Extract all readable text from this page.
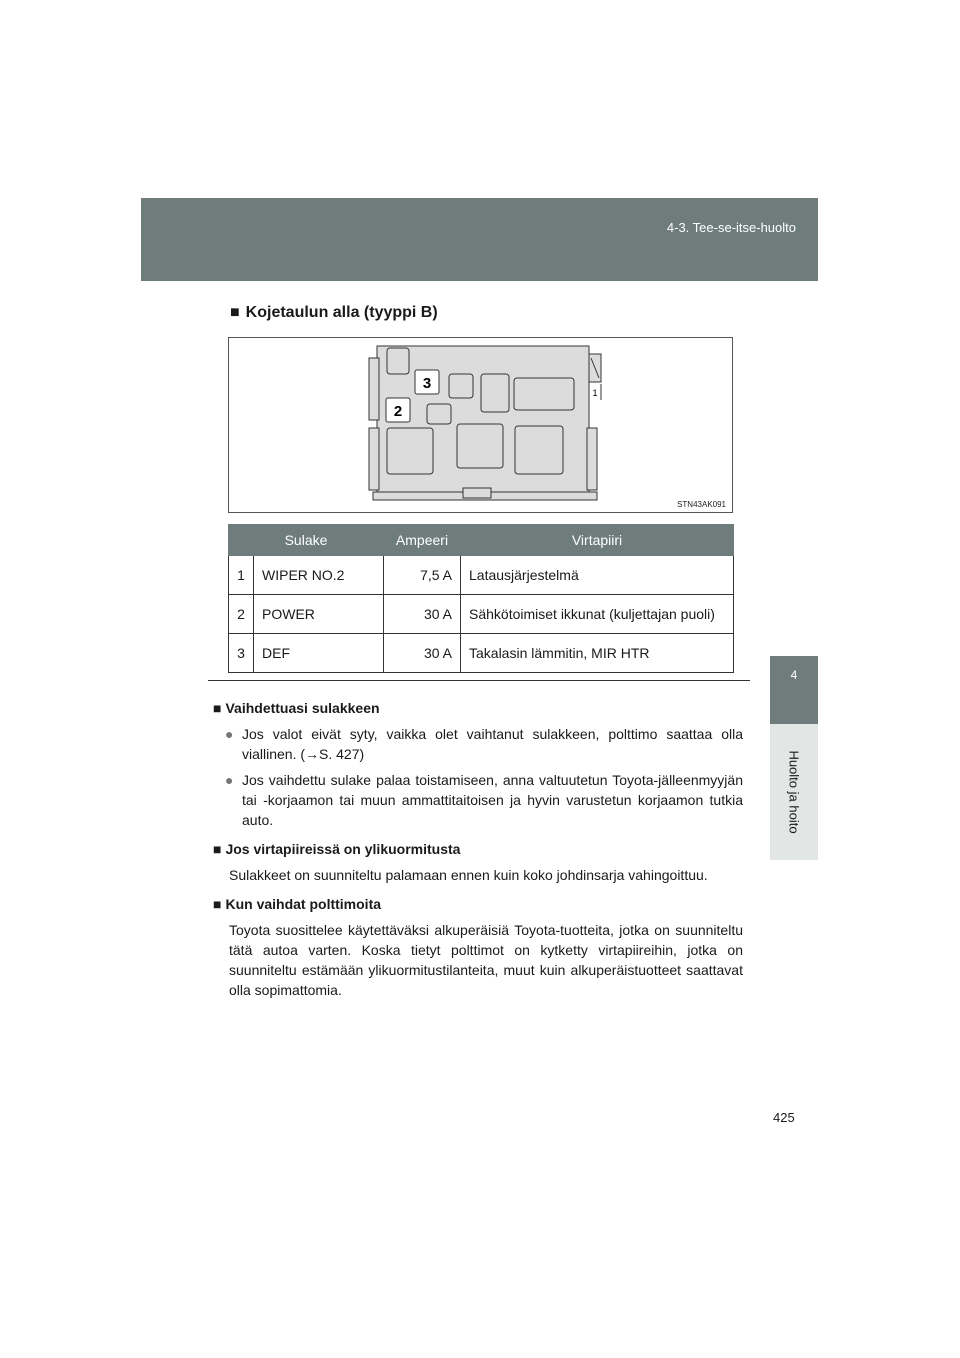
4-3. Tee-se-itse-huolto
4
Huolto ja hoito
■ Kojetaulun alla (tyyppi B)
3
2
1
STN43AK091
Sulake		Ampeeri	Virtapiiri
1	WIPER NO.2	7,5 A	Latausjärjestelmä
2	POWER	30 A	Sähkötoimiset ikkunat (kuljettajan puoli)
3	DEF	30 A	Takalasin lämmitin, MIR HTR
■ Vaihdettuasi sulakkeen
● Jos valot eivät syty, vaikka olet vaihtanut sulakkeen, polttimo saattaa olla viallinen. (→S. 427)
● Jos vaihdettu sulake palaa toistamiseen, anna valtuutetun Toyota-jälleenmyyjän tai -korjaamon tai muun ammattitaitoisen ja hyvin varustetun korjaamon tutkia auto.
■ Jos virtapiireissä on ylikuormitusta
Sulakkeet on suunniteltu palamaan ennen kuin koko johdinsarja vahingoittuu.
■ Kun vaihdat polttimoita
Toyota suosittelee käytettäväksi alkuperäisiä Toyota-tuotteita, jotka on suunniteltu tätä autoa varten. Koska tietyt polttimot on kytketty virtapiireihin, jotka on suunniteltu estämään ylikuormitustilanteita, muut kuin alkuperäistuotteet saattavat olla sopimattomia.
425
